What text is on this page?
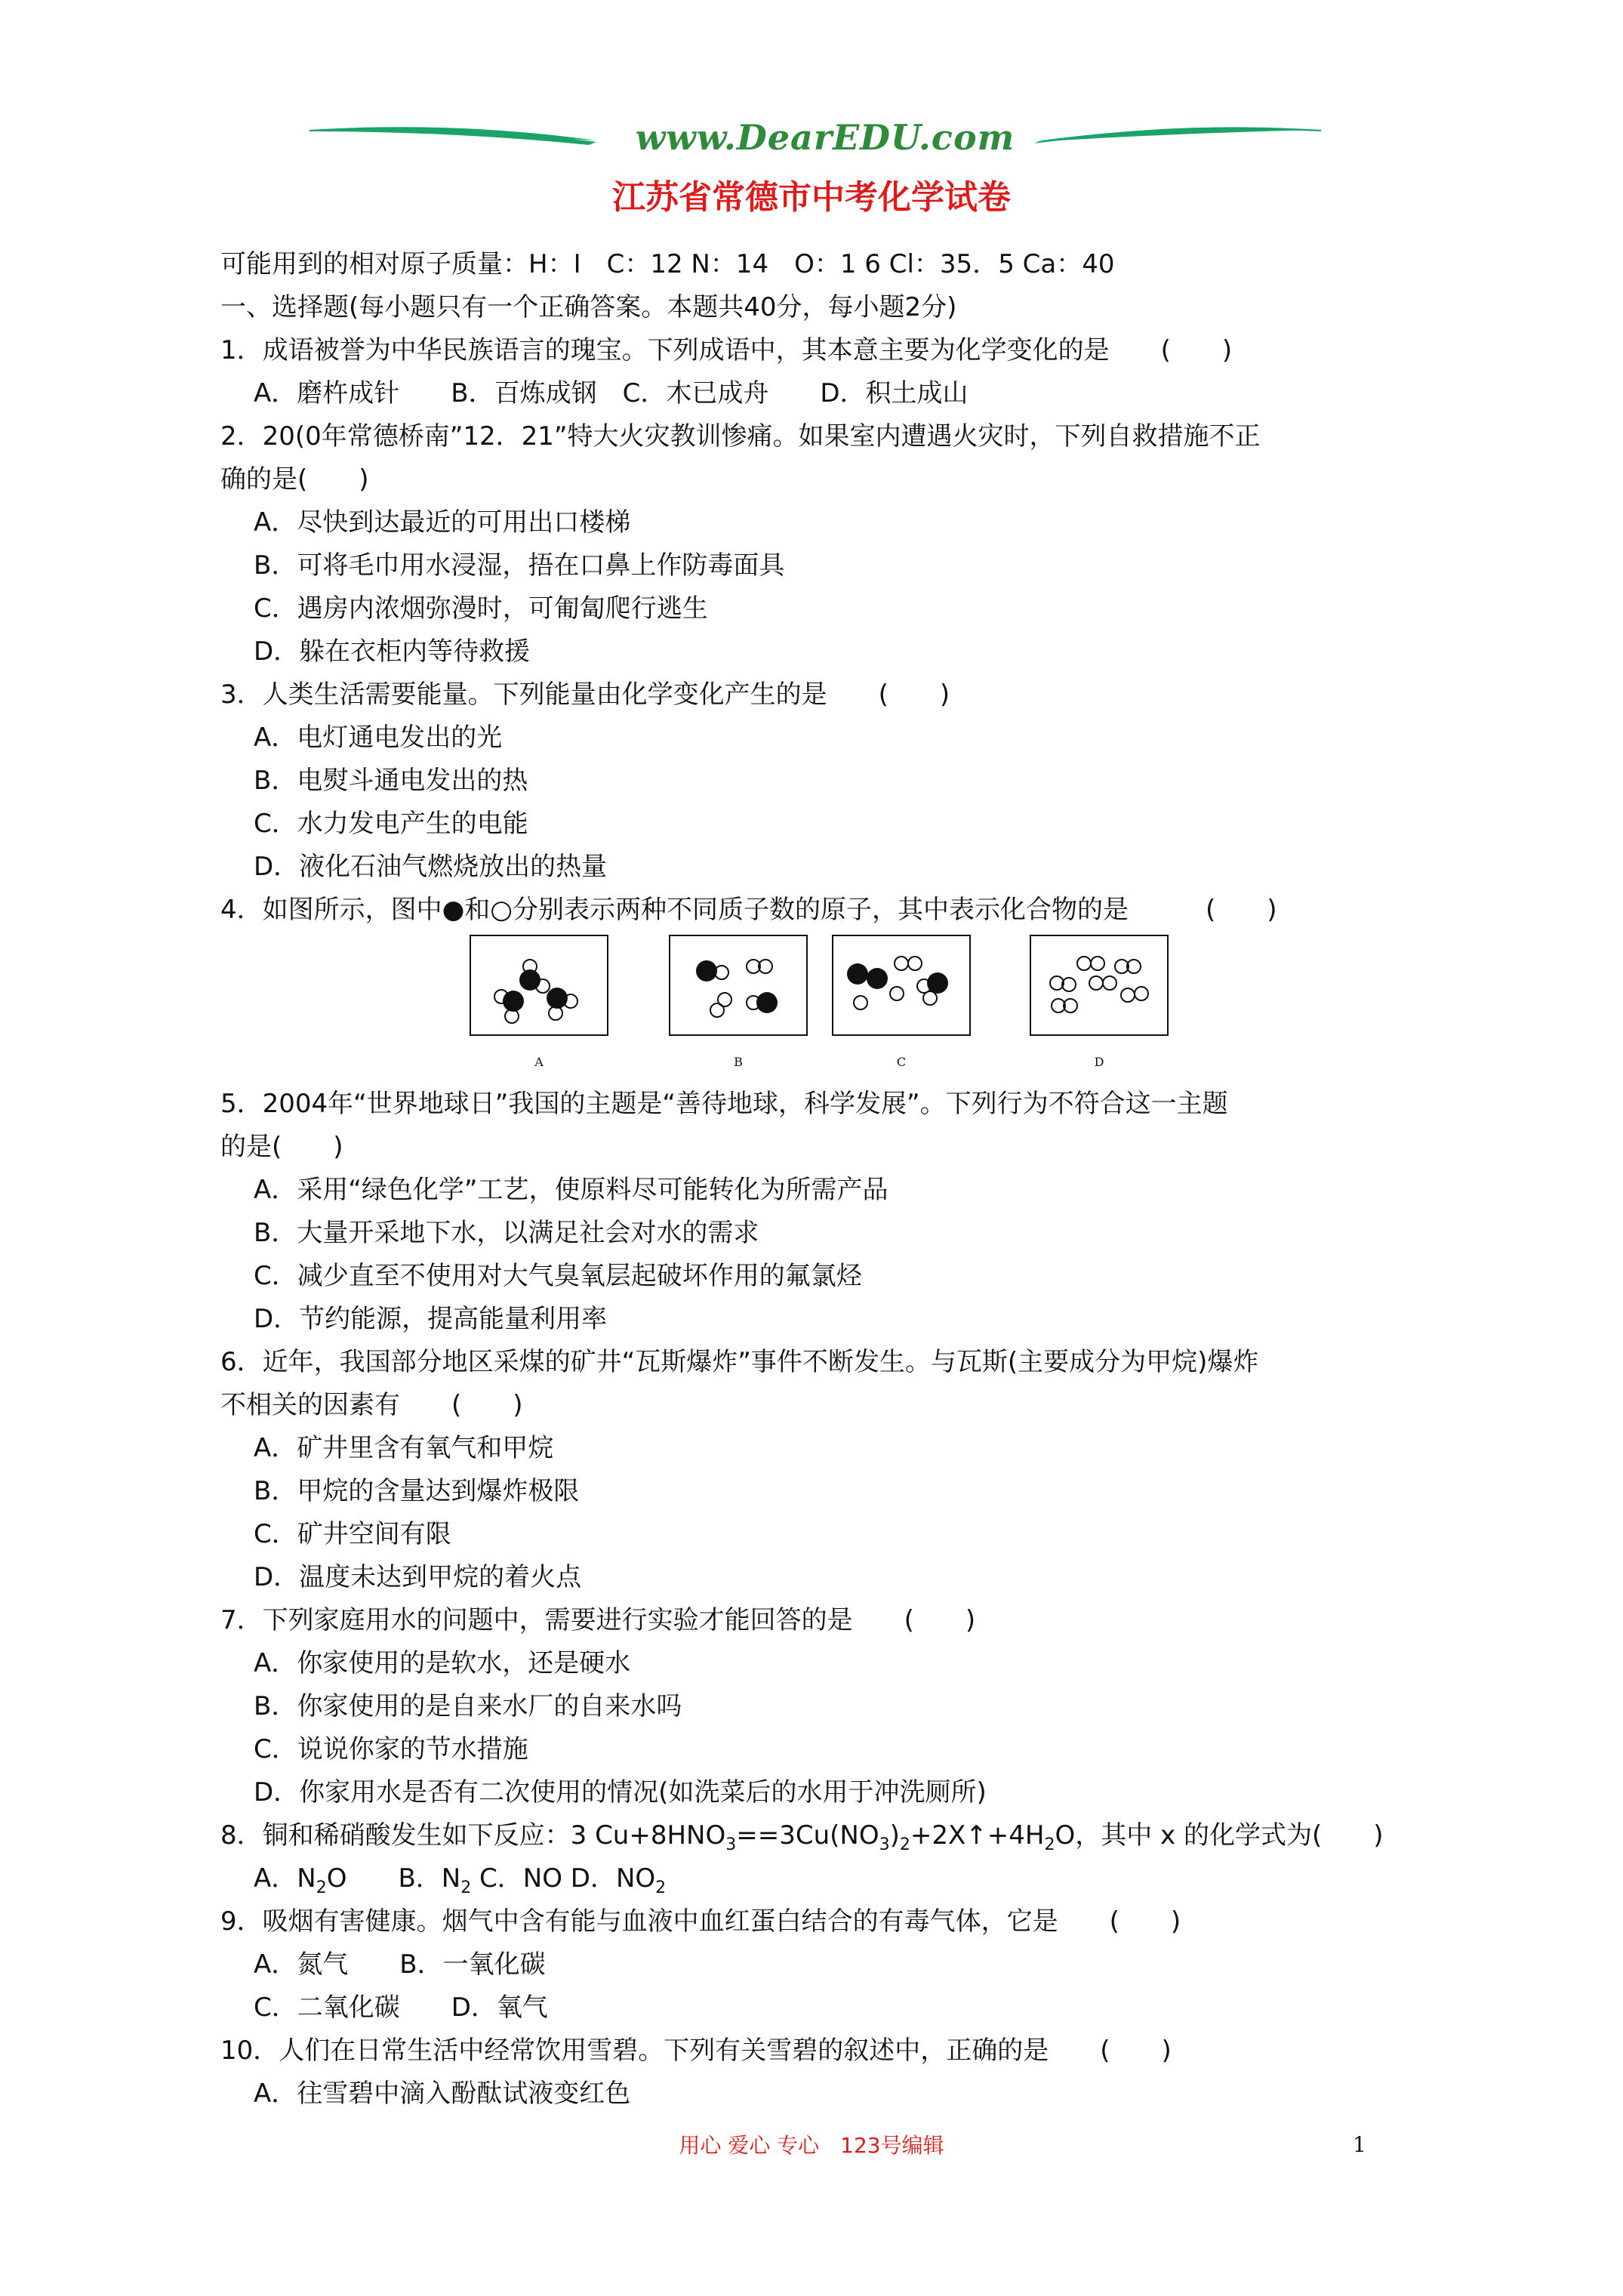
www.DearEDU.com
江苏省常德市中考化学试卷
可能用到的相对原子质量：H：I　C：12 N：14　O：1 6 Cl：35．5 Ca：40
一、选择题(每小题只有一个正确答案。本题共40分，每小题2分)
1．成语被誉为中华民族语言的瑰宝。下列成语中，其本意主要为化学变化的是　　(　　)
A．磨杵成针　　B．百炼成钢　C．木已成舟　　D．积土成山
2．20(0年常德桥南”12．21”特大火灾教训惨痛。如果室内遭遇火灾时，下列自救措施不正
确的是(　　)
A．尽快到达最近的可用出口楼梯
B．可将毛巾用水浸湿，捂在口鼻上作防毒面具
C．遇房内浓烟弥漫时，可匍匐爬行逃生
D．躲在衣柜内等待救援
3．人类生活需要能量。下列能量由化学变化产生的是　　(　　)
A．电灯通电发出的光
B．电熨斗通电发出的热
C．水力发电产生的电能
D．液化石油气燃烧放出的热量
4．如图所示，图中●和○分别表示两种不同质子数的原子，其中表示化合物的是　　　(　　)
A	B	C	D
5．2004年“世界地球日”我国的主题是“善待地球，科学发展”。下列行为不符合这一主题
的是(　　)
A．采用“绿色化学”工艺，使原料尽可能转化为所需产品
B．大量开采地下水，以满足社会对水的需求
C．减少直至不使用对大气臭氧层起破坏作用的氟氯烃
D．节约能源，提高能量利用率
6．近年，我国部分地区采煤的矿井“瓦斯爆炸”事件不断发生。与瓦斯(主要成分为甲烷)爆炸
不相关的因素有　　(　　)
A．矿井里含有氧气和甲烷
B．甲烷的含量达到爆炸极限
C．矿井空间有限
D．温度未达到甲烷的着火点
7．下列家庭用水的问题中，需要进行实验才能回答的是　　(　　)
A．你家使用的是软水，还是硬水
B．你家使用的是自来水厂的自来水吗
C．说说你家的节水措施
D．你家用水是否有二次使用的情况(如洗菜后的水用于冲洗厕所)
8．铜和稀硝酸发生如下反应：3 $Cu+8HNO_3==3Cu(NO_3)_2+2X↑+4H_2O$，其中 x 的化学式为(　　)
A．$N_2O$　　B．$N_2$ C．NO D．$NO_2$
9．吸烟有害健康。烟气中含有能与血液中血红蛋白结合的有毒气体，它是　　(　　)
A．氮气　　B．一氧化碳
C．二氧化碳　　D．氧气
10．人们在日常生活中经常饮用雪碧。下列有关雪碧的叙述中，正确的是　　(　　)
A．往雪碧中滴入酚酞试液变红色
用心 爱心 专心　123号编辑	1
